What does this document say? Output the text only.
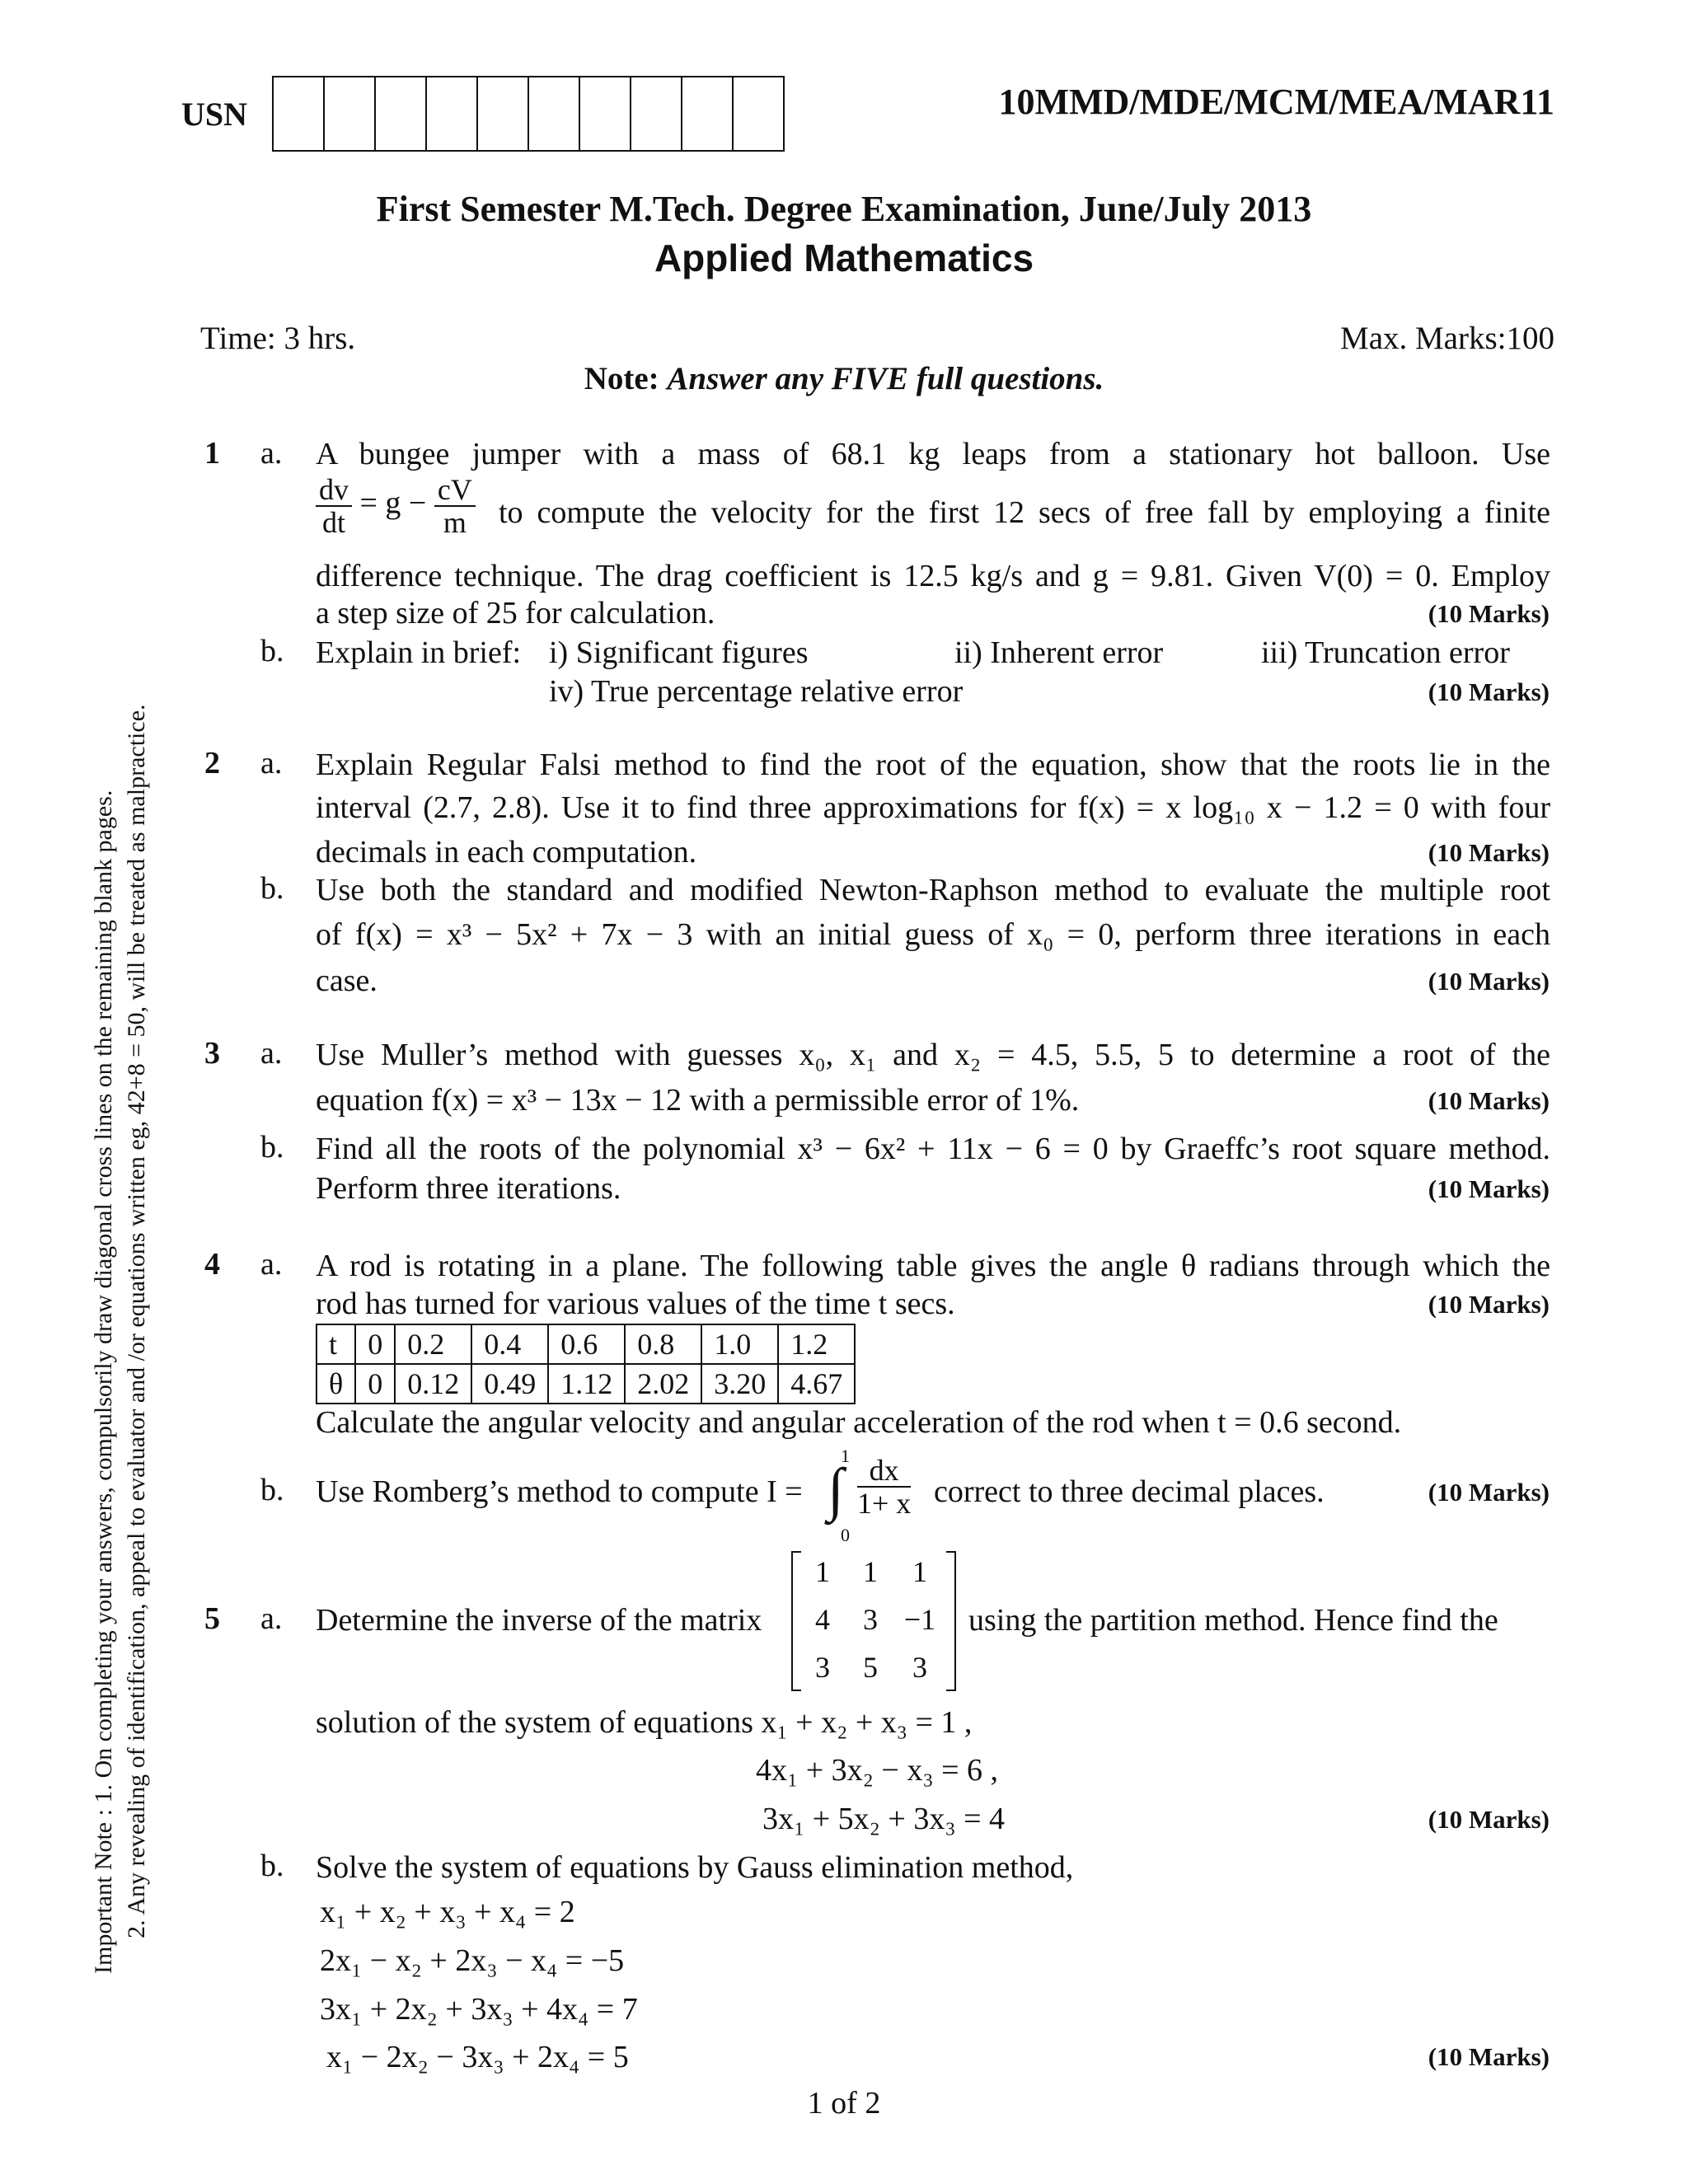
USN	10MMD/MDE/MCM/MEA/MAR11
First Semester M.Tech. Degree Examination, June/July 2013
Applied Mathematics
Time: 3 hrs.	Max. Marks:100
Note: Answer any FIVE full questions.
Important Note : 1. On completing your answers, compulsorily draw diagonal cross lines on the remaining blank pages. 2. Any revealing of identification, appeal to evaluator and /or equations written eg, 42+8 = 50, will be treated as malpractice.
1 a. A bungee jumper with a mass of 68.1 kg leaps from a stationary hot balloon. Use
$\frac{dv}{dt} = g - \frac{cV}{m}$ to compute the velocity for the first 12 secs of free fall by employing a finite
difference technique. The drag coefficient is 12.5 kg/s and g = 9.81. Given V(0) = 0. Employ
a step size of 25 for calculation.	(10 Marks)
b. Explain in brief: i) Significant figures	ii) Inherent error	iii) Truncation error
iv) True percentage relative error	(10 Marks)
2 a. Explain Regular Falsi method to find the root of the equation, show that the roots lie in the
interval (2.7, 2.8). Use it to find three approximations for f(x) = x log₁₀ x − 1.2 = 0 with four
decimals in each computation.	(10 Marks)
b. Use both the standard and modified Newton-Raphson method to evaluate the multiple root
of f(x) = x³ − 5x² + 7x − 3 with an initial guess of x₀ = 0, perform three iterations in each
case.	(10 Marks)
3 a. Use Muller’s method with guesses x₀, x₁ and x₂ = 4.5, 5.5, 5 to determine a root of the
equation f(x) = x³ − 13x − 12 with a permissible error of 1%.	(10 Marks)
b. Find all the roots of the polynomial x³ − 6x² + 11x − 6 = 0 by Graeffc’s root square method.
Perform three iterations.	(10 Marks)
4 a. A rod is rotating in a plane. The following table gives the angle θ radians through which the
rod has turned for various values of the time t secs.	(10 Marks)
t	0	0.2	0.4	0.6	0.8	1.0	1.2
θ	0	0.12	0.49	1.12	2.02	3.20	4.67
Calculate the angular velocity and angular acceleration of the rod when t = 0.6 second.
b. Use Romberg’s method to compute I =
1
∫
0
$\frac{dx}{1+ x}$ correct to three decimal places.	(10 Marks)
5 a. Determine the inverse of the matrix
1	1	1
4	3 −1
3	5	3
using the partition method. Hence find the
solution of the system of equations x₁ + x₂ + x₃ = 1 ,
4x₁ + 3x₂ − x₃ = 6 ,
3x₁ + 5x₂ + 3x₃ = 4	(10 Marks)
b. Solve the system of equations by Gauss elimination method,
x₁ + x₂ + x₃ + x₄ = 2
2x₁ − x₂ + 2x₃ − x₄ = −5
3x₁ + 2x₂ + 3x₃ + 4x₄ = 7
x₁ − 2x₂ − 3x₃ + 2x₄ = 5	(10 Marks)
1 of 2
